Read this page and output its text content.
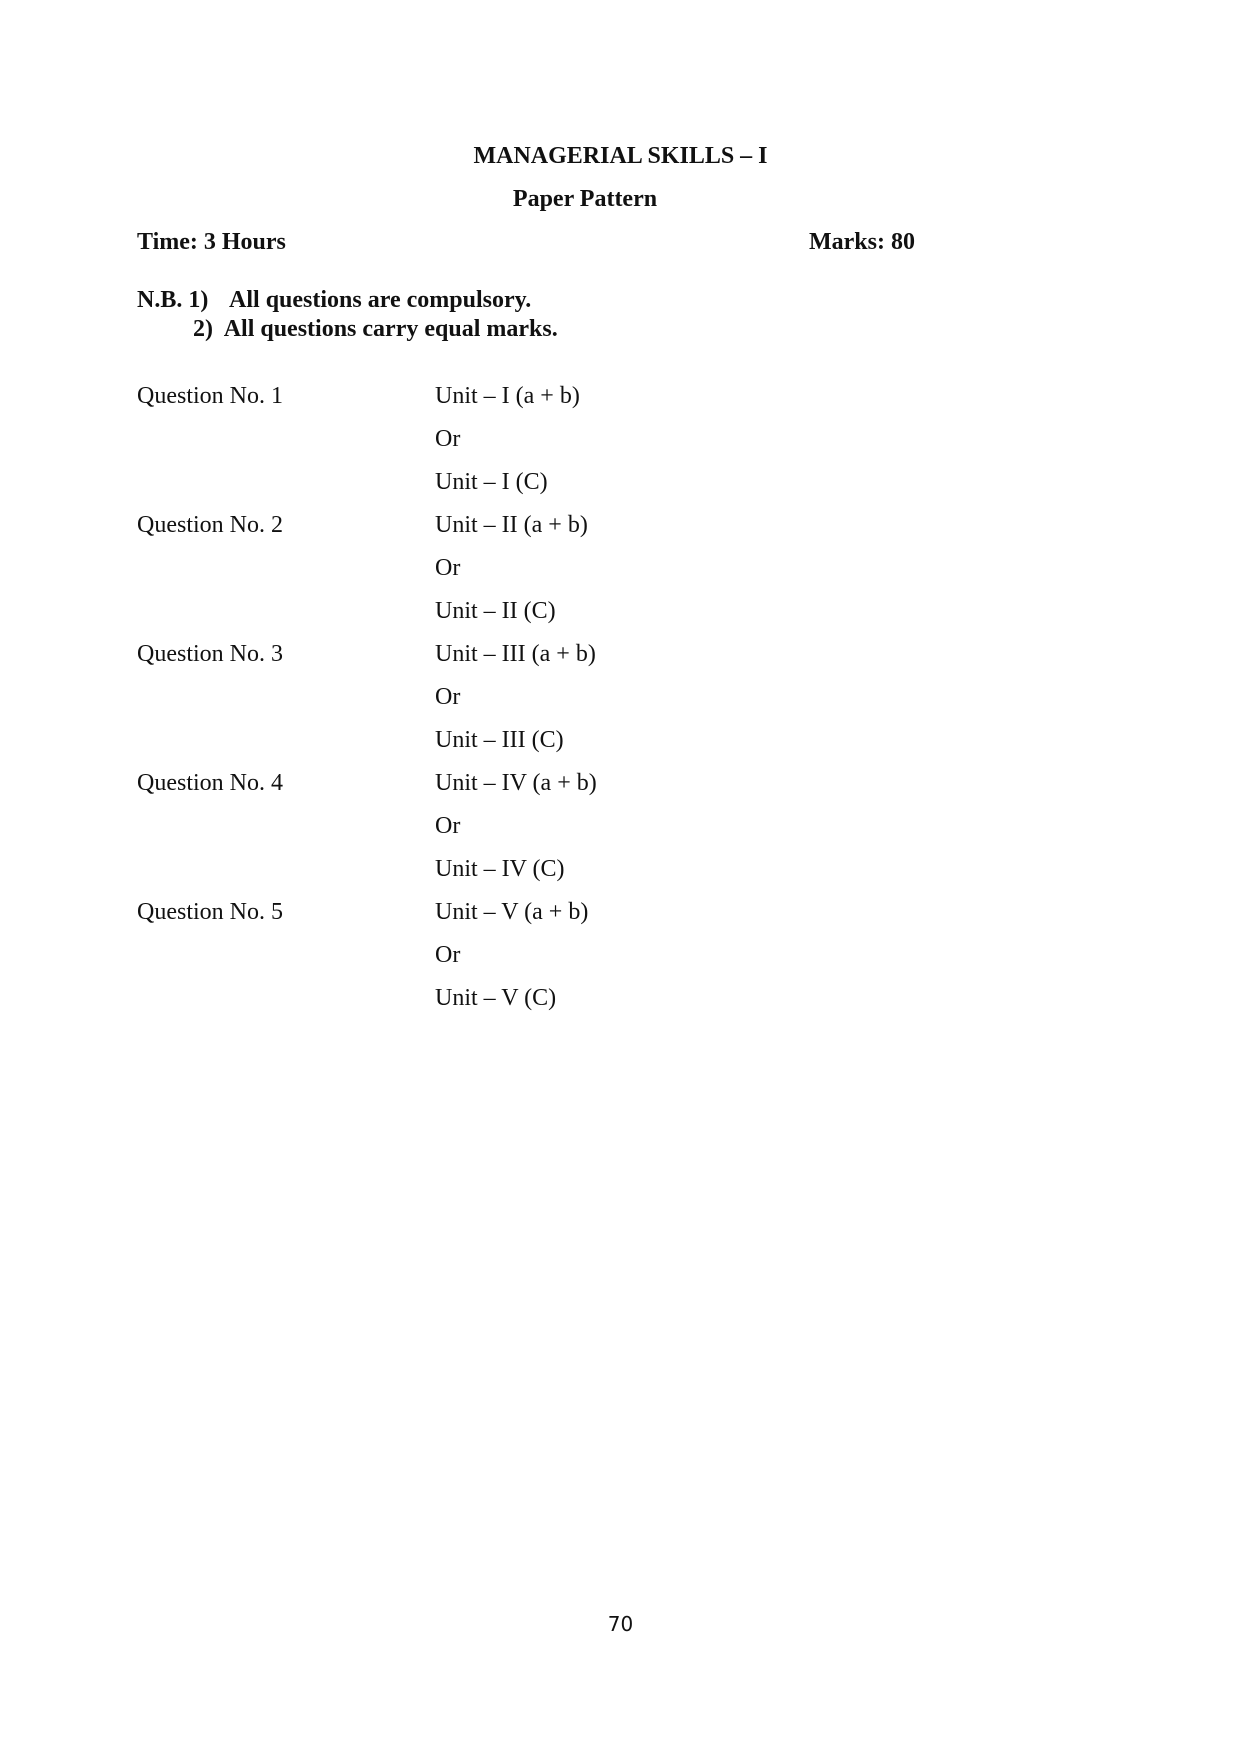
MANAGERIAL SKILLS – I
Paper Pattern
Time: 3 Hours	Marks: 80
N.B. 1) All questions are compulsory.
2) All questions carry equal marks.
Question No. 1	Unit – I (a + b)
Or
Unit – I (C)
Question No. 2	Unit – II (a + b)
Or
Unit – II (C)
Question No. 3	Unit – III (a + b)
Or
Unit – III (C)
Question No. 4	Unit – IV (a + b)
Or
Unit – IV (C)
Question No. 5	Unit – V (a + b)
Or
Unit – V (C)
70
